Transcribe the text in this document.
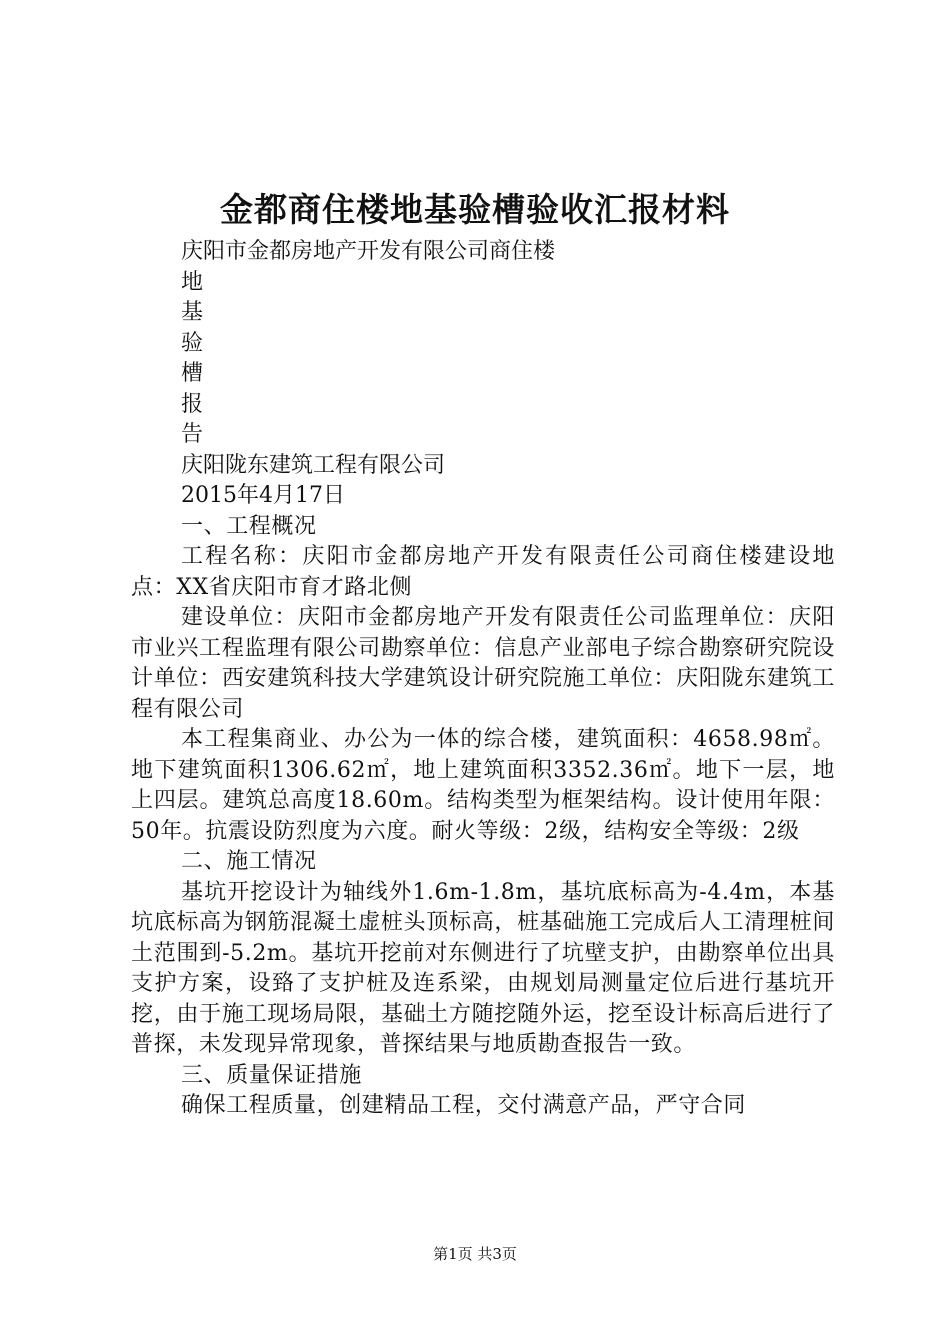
金都商住楼地基验槽验收汇报材料

庆阳市金都房地产开发有限公司商住楼

地

基

验

槽

报

告

庆阳陇东建筑工程有限公司

2015年4月17日

一、工程概况

工程名称：庆阳市金都房地产开发有限责任公司商住楼建设地点：XX省庆阳市育才路北侧

建设单位：庆阳市金都房地产开发有限责任公司监理单位：庆阳市业兴工程监理有限公司勘察单位：信息产业部电子综合勘察研究院设计单位：西安建筑科技大学建筑设计研究院施工单位：庆阳陇东建筑工程有限公司

本工程集商业、办公为一体的综合楼，建筑面积：4658.98㎡。地下建筑面积1306.62㎡，地上建筑面积3352.36㎡。地下一层，地上四层。建筑总高度18.60m。结构类型为框架结构。设计使用年限：50年。抗震设防烈度为六度。耐火等级：2级，结构安全等级：2级

二、施工情况

基坑开挖设计为轴线外1.6m-1.8m，基坑底标高为-4.4m，本基坑底标高为钢筋混凝土虚桩头顶标高，桩基础施工完成后人工清理桩间土范围到-5.2m。基坑开挖前对东侧进行了坑壁支护，由勘察单位出具支护方案，设臵了支护桩及连系梁，由规划局测量定位后进行基坑开挖，由于施工现场局限，基础土方随挖随外运，挖至设计标高后进行了普探，未发现异常现象，普探结果与地质勘查报告一致。

三、质量保证措施

确保工程质量，创建精品工程，交付满意产品，严守合同

第1页 共3页
